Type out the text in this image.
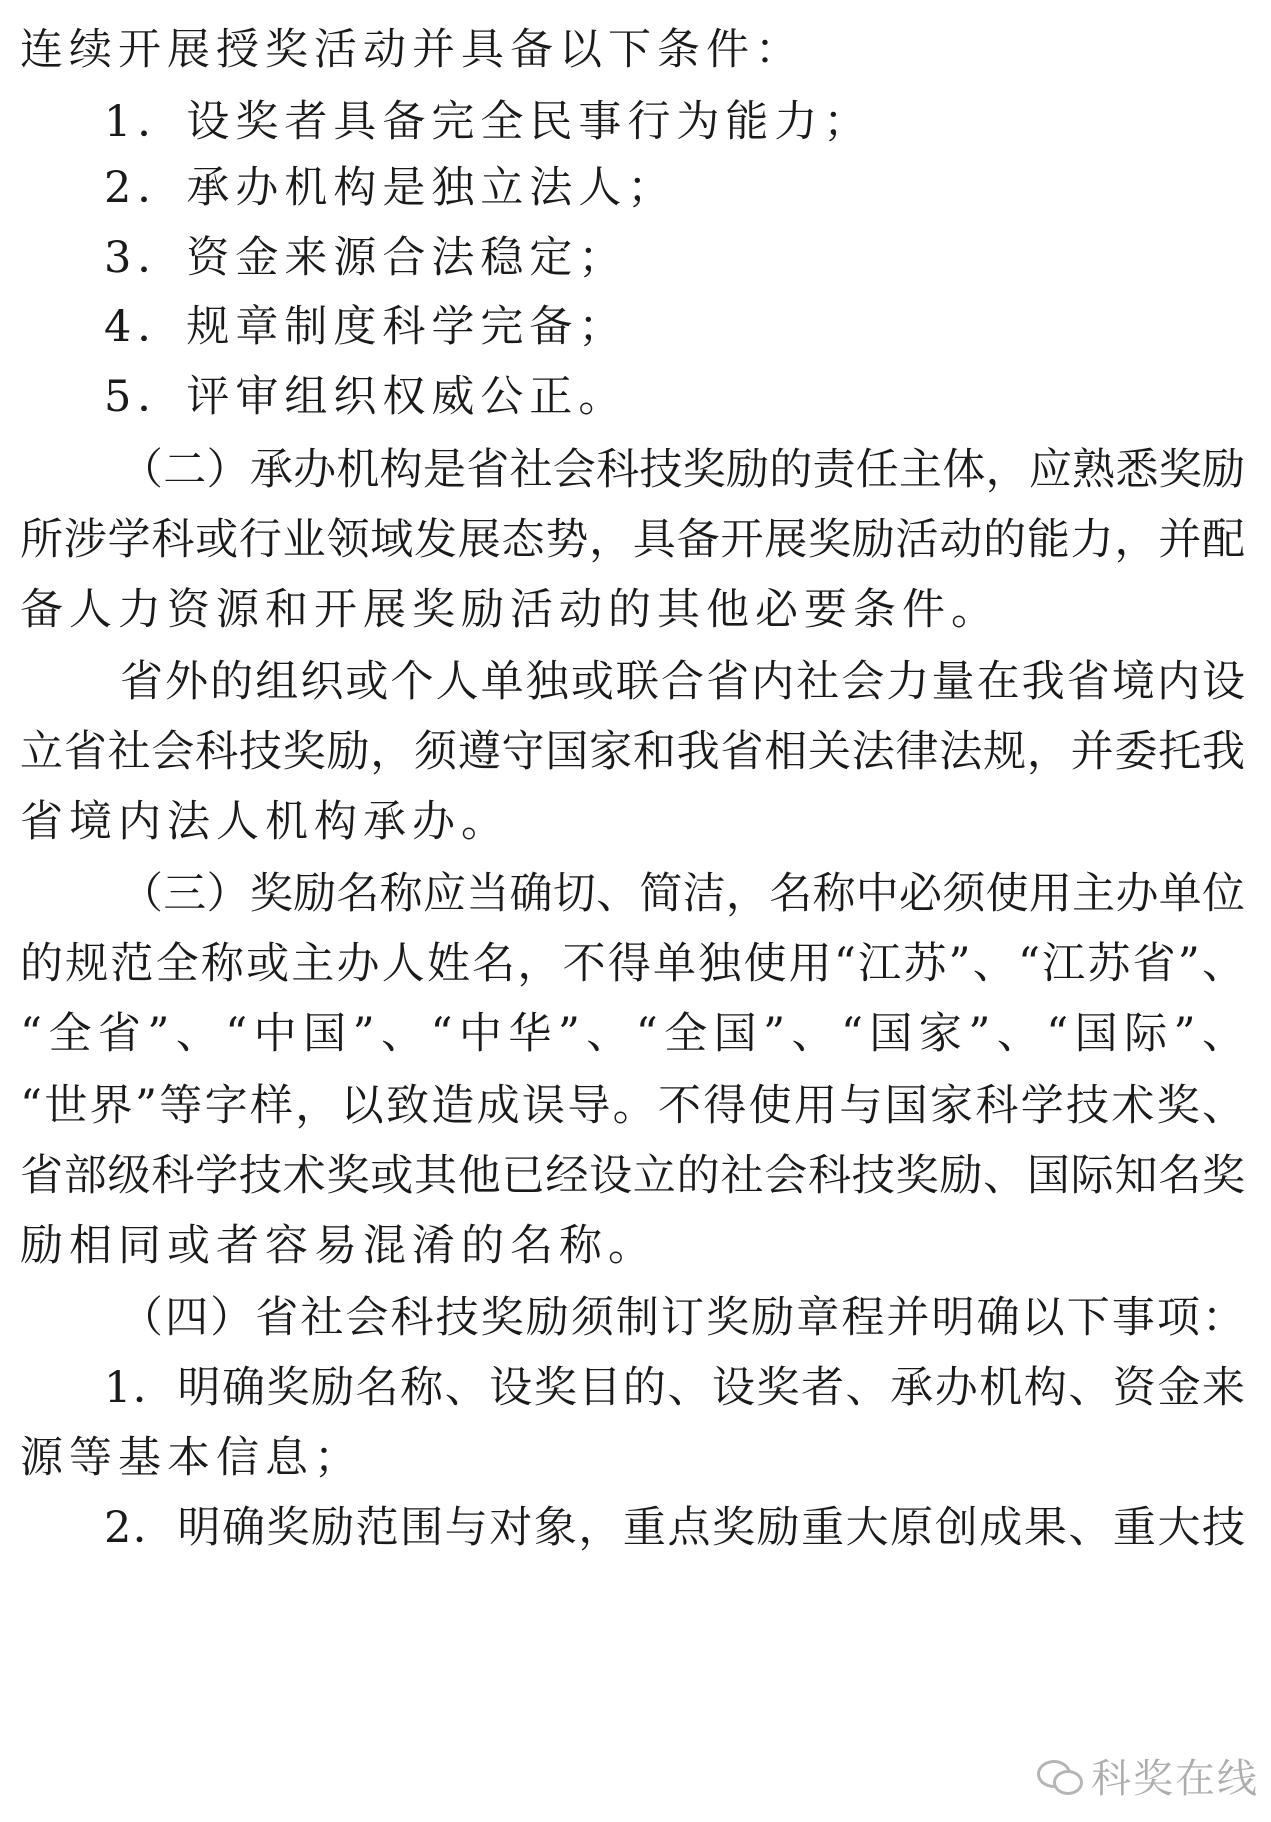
连续开展授奖活动并具备以下条件：
1．设奖者具备完全民事行为能力；
2．承办机构是独立法人；
3．资金来源合法稳定；
4．规章制度科学完备；
5．评审组织权威公正。
（二）承办机构是省社会科技奖励的责任主体，应熟悉奖励
所涉学科或行业领域发展态势，具备开展奖励活动的能力，并配
备人力资源和开展奖励活动的其他必要条件。
省外的组织或个人单独或联合省内社会力量在我省境内设
立省社会科技奖励，须遵守国家和我省相关法律法规，并委托我
省境内法人机构承办。
（三）奖励名称应当确切、简洁，名称中必须使用主办单位
的规范全称或主办人姓名，不得单独使用“江苏”、“江苏省”、
“全省”、“中国”、“中华”、“全国”、“国家”、“国际”、
“世界”等字样，以致造成误导。不得使用与国家科学技术奖、
省部级科学技术奖或其他已经设立的社会科技奖励、国际知名奖
励相同或者容易混淆的名称。
（四）省社会科技奖励须制订奖励章程并明确以下事项：
1．明确奖励名称、设奖目的、设奖者、承办机构、资金来
源等基本信息；
2．明确奖励范围与对象，重点奖励重大原创成果、重大技
科奖在线
